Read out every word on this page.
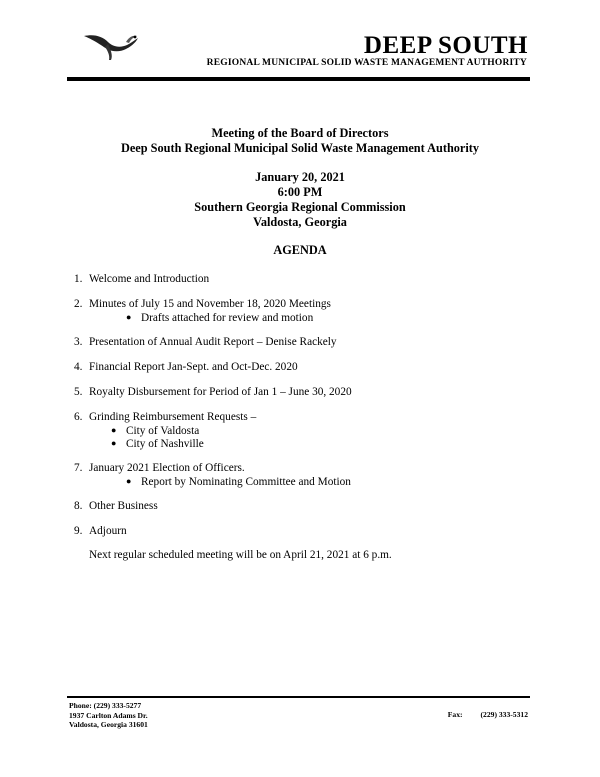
DEEP SOUTH
REGIONAL MUNICIPAL SOLID WASTE MANAGEMENT AUTHORITY
Meeting of the Board of Directors
Deep South Regional Municipal Solid Waste Management Authority
January 20, 2021
6:00 PM
Southern Georgia Regional Commission
Valdosta, Georgia
AGENDA
1. Welcome and Introduction
2. Minutes of July 15 and November 18, 2020 Meetings
● Drafts attached for review and motion
3. Presentation of Annual Audit Report – Denise Rackely
4. Financial Report Jan-Sept. and Oct-Dec. 2020
5. Royalty Disbursement for Period of Jan 1 – June 30, 2020
6. Grinding Reimbursement Requests –
● City of Valdosta
● City of Nashville
7. January 2021 Election of Officers.
● Report by Nominating Committee and Motion
8. Other Business
9. Adjourn
Next regular scheduled meeting will be on April 21, 2021 at 6 p.m.
Phone: (229) 333-5277
1937 Carlton Adams Dr.
Valdosta, Georgia 31601
Fax: (229) 333-5312
